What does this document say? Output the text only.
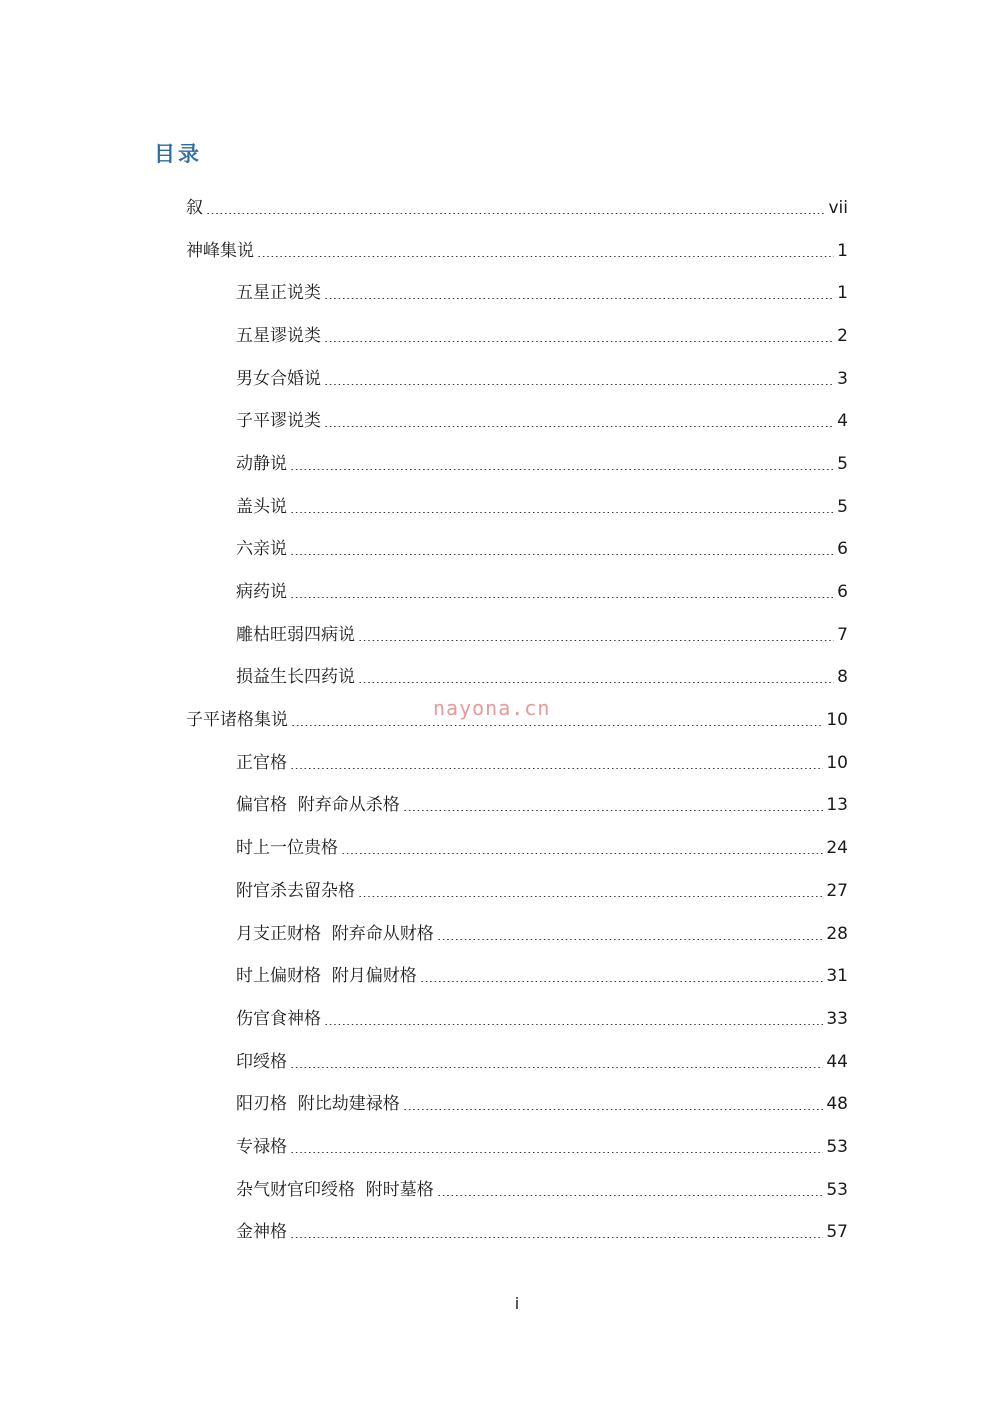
目录
叙	vii
神峰集说	1
五星正说类	1
五星谬说类	2
男女合婚说	3
子平谬说类	4
动静说	5
盖头说	5
六亲说	6
病药说	6
雕枯旺弱四病说	7
损益生长四药说	8
子平诸格集说	10
正官格	10
偏官格  附弃命从杀格	13
时上一位贵格	24
附官杀去留杂格	27
月支正财格  附弃命从财格	28
时上偏财格  附月偏财格	31
伤官食神格	33
印绶格	44
阳刃格  附比劫建禄格	48
专禄格	53
杂气财官印绶格  附时墓格	53
金神格	57
nayona.cn
i
